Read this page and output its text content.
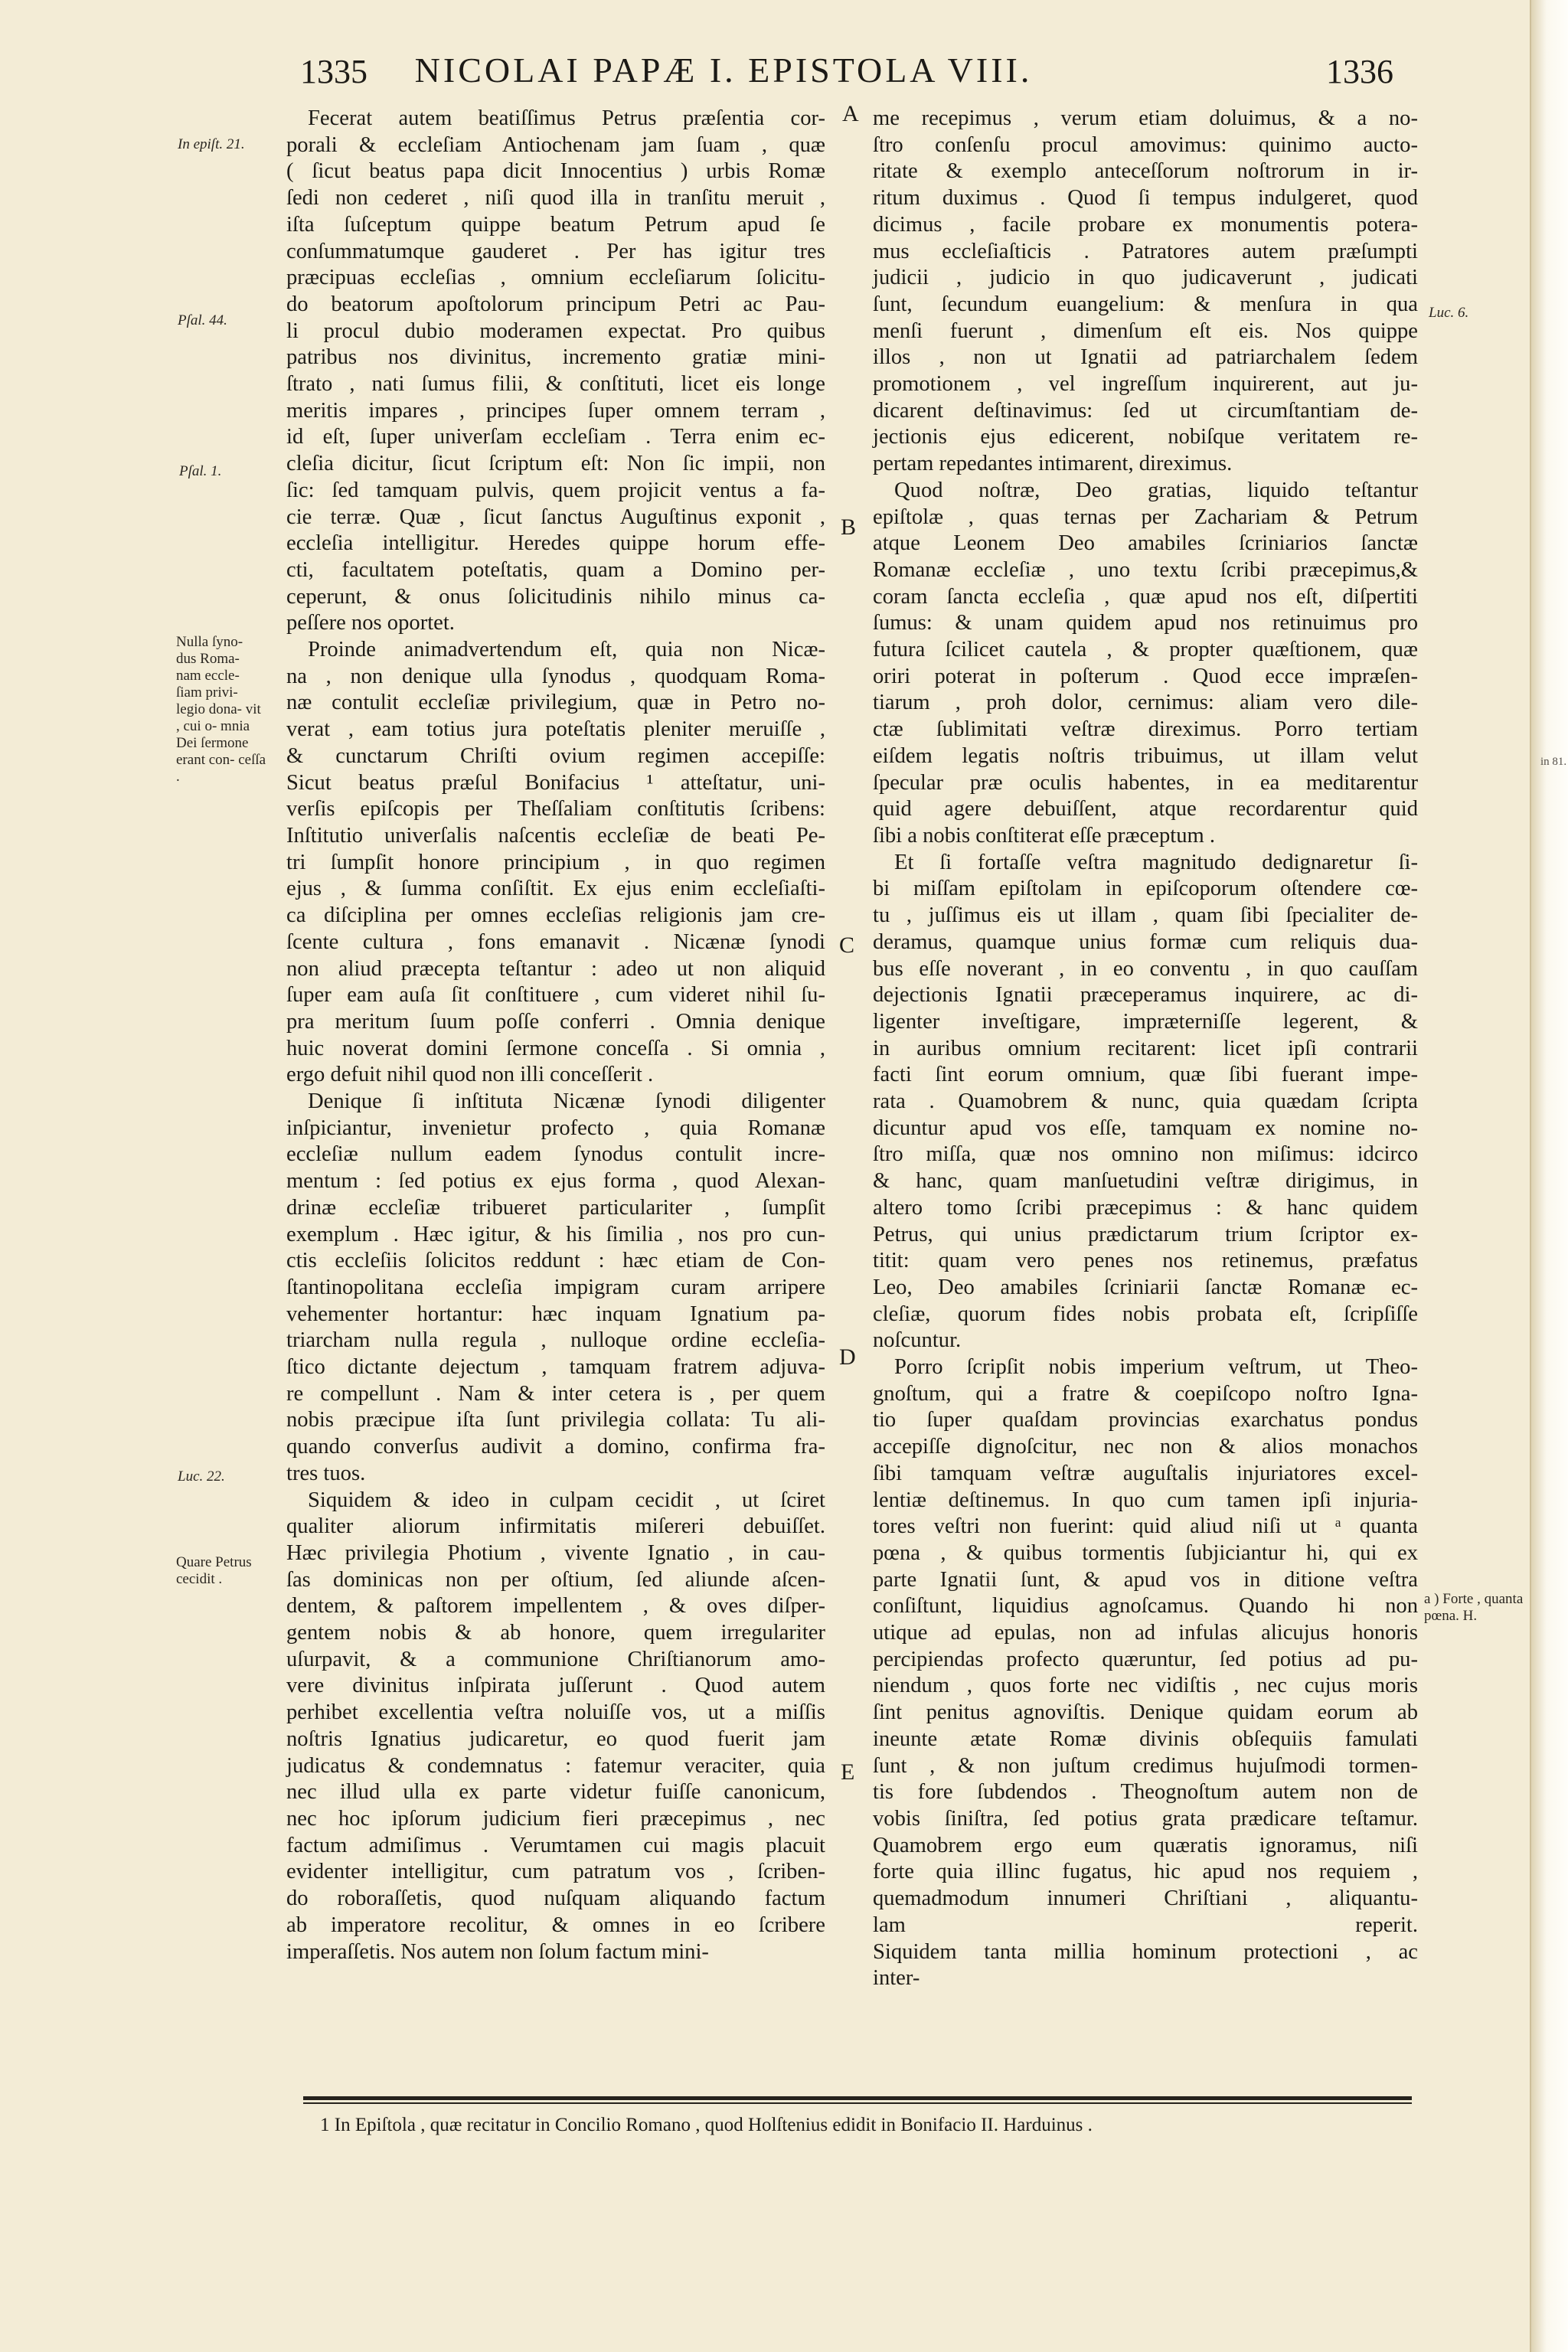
in 81.
1335	NICOLAI PAPÆ I. EPISTOLA VIII.	1336

Fecerat autem beatiſſimus Petrus præſentia cor-

porali & eccleſiam Antiochenam jam ſuam , quæ

( ſicut beatus papa dicit Innocentius ) urbis Romæ

ſedi non cederet , niſi quod illa in tranſitu meruit ,

iſta ſuſceptum quippe beatum Petrum apud ſe

conſummatumque gauderet . Per has igitur tres

præcipuas eccleſias , omnium eccleſiarum ſolicitu-

do beatorum apoſtolorum principum Petri ac Pau-

li procul dubio moderamen expectat. Pro quibus

patribus nos divinitus, incremento gratiæ mini-

ſtrato , nati ſumus filii, & conſtituti, licet eis longe

meritis impares , principes ſuper omnem terram ,

id eſt, ſuper univerſam eccleſiam . Terra enim ec-

cleſia dicitur, ſicut ſcriptum eſt: Non ſic impii, non

ſic: ſed tamquam pulvis, quem projicit ventus a fa-

cie terræ. Quæ , ſicut ſanctus Auguſtinus exponit ,

eccleſia intelligitur. Heredes quippe horum effe-

cti, facultatem poteſtatis, quam a Domino per-

ceperunt, & onus ſolicitudinis nihilo minus ca-

peſſere nos oportet.

Proinde animadvertendum eſt, quia non Nicæ-

na , non denique ulla ſynodus , quodquam Roma-

næ contulit eccleſiæ privilegium, quæ in Petro no-

verat , eam totius jura poteſtatis pleniter meruiſſe ,

& cunctarum Chriſti ovium regimen accepiſſe:

Sicut beatus præſul Bonifacius ¹ atteſtatur, uni-

verſis epiſcopis per Theſſaliam conſtitutis ſcribens:

Inſtitutio univerſalis naſcentis eccleſiæ de beati Pe-

tri ſumpſit honore principium , in quo regimen

ejus , & ſumma conſiſtit. Ex ejus enim eccleſiaſti-

ca diſciplina per omnes eccleſias religionis jam cre-

ſcente cultura , fons emanavit . Nicænæ ſynodi

non aliud præcepta teſtantur : adeo ut non aliquid

ſuper eam auſa ſit conſtituere , cum videret nihil ſu-

pra meritum ſuum poſſe conferri . Omnia denique

huic noverat domini ſermone conceſſa . Si omnia ,

ergo defuit nihil quod non illi conceſſerit .

Denique ſi inſtituta Nicænæ ſynodi diligenter

inſpiciantur, invenietur profecto , quia Romanæ

eccleſiæ nullum eadem ſynodus contulit incre-

mentum : ſed potius ex ejus forma , quod Alexan-

drinæ eccleſiæ tribueret particulariter , ſumpſit

exemplum . Hæc igitur, & his ſimilia , nos pro cun-

ctis eccleſiis ſolicitos reddunt : hæc etiam de Con-

ſtantinopolitana eccleſia impigram curam arripere

vehementer hortantur: hæc inquam Ignatium pa-

triarcham nulla regula , nulloque ordine eccleſia-

ſtico dictante dejectum , tamquam fratrem adjuva-

re compellunt . Nam & inter cetera is , per quem

nobis præcipue iſta ſunt privilegia collata: Tu ali-

quando converſus audivit a domino, confirma fra-

tres tuos.

Siquidem & ideo in culpam cecidit , ut ſciret

qualiter aliorum infirmitatis miſereri debuiſſet.

Hæc privilegia Photium , vivente Ignatio , in cau-

ſas dominicas non per oſtium, ſed aliunde aſcen-

dentem, & paſtorem impellentem , & oves diſper-

gentem nobis & ab honore, quem irregulariter

uſurpavit, & a communione Chriſtianorum amo-

vere divinitus inſpirata juſſerunt . Quod autem

perhibet excellentia veſtra noluiſſe vos, ut a miſſis

noſtris Ignatius judicaretur, eo quod fuerit jam

judicatus & condemnatus : fatemur veraciter, quia

nec illud ulla ex parte videtur fuiſſe canonicum,

nec hoc ipſorum judicium fieri præcepimus , nec

factum admiſimus . Verumtamen cui magis placuit

evidenter intelligitur, cum patratum vos , ſcriben-

do roboraſſetis, quod nuſquam aliquando factum

ab imperatore recolitur, & omnes in eo ſcribere

imperaſſetis. Nos autem non ſolum factum mini-

me recepimus , verum etiam doluimus, & a no-

ſtro conſenſu procul amovimus: quinimo aucto-

ritate & exemplo anteceſſorum noſtrorum in ir-

ritum duximus . Quod ſi tempus indulgeret, quod

dicimus , facile probare ex monumentis potera-

mus eccleſiaſticis . Patratores autem præſumpti

judicii , judicio in quo judicaverunt , judicati

ſunt, ſecundum euangelium: & menſura in qua

menſi fuerunt , dimenſum eſt eis. Nos quippe

illos , non ut Ignatii ad patriarchalem ſedem

promotionem , vel ingreſſum inquirerent, aut ju-

dicarent deſtinavimus: ſed ut circumſtantiam de-

jectionis ejus edicerent, nobiſque veritatem re-

pertam repedantes intimarent, direximus.

Quod noſtræ, Deo gratias, liquido teſtantur

epiſtolæ , quas ternas per Zachariam & Petrum

atque Leonem Deo amabiles ſcriniarios ſanctæ

Romanæ eccleſiæ , uno textu ſcribi præcepimus,&

coram ſancta eccleſia , quæ apud nos eſt, diſpertiti

ſumus: & unam quidem apud nos retinuimus pro

futura ſcilicet cautela , & propter quæſtionem, quæ

oriri poterat in poſterum . Quod ecce impræſen-

tiarum , proh dolor, cernimus: aliam vero dile-

ctæ ſublimitati veſtræ direximus. Porro tertiam

eiſdem legatis noſtris tribuimus, ut illam velut

ſpecular præ oculis habentes, in ea meditarentur

quid agere debuiſſent, atque recordarentur quid

ſibi a nobis conſtiterat eſſe præceptum .

Et ſi fortaſſe veſtra magnitudo dedignaretur ſi-

bi miſſam epiſtolam in epiſcoporum oſtendere cœ-

tu , juſſimus eis ut illam , quam ſibi ſpecialiter de-

deramus, quamque unius formæ cum reliquis dua-

bus eſſe noverant , in eo conventu , in quo cauſſam

dejectionis Ignatii præceperamus inquirere, ac di-

ligenter inveſtigare, impræterniſſe legerent, &

in auribus omnium recitarent: licet ipſi contrarii

facti ſint eorum omnium, quæ ſibi fuerant impe-

rata . Quamobrem & nunc, quia quædam ſcripta

dicuntur apud vos eſſe, tamquam ex nomine no-

ſtro miſſa, quæ nos omnino non miſimus: idcirco

& hanc, quam manſuetudini veſtræ dirigimus, in

altero tomo ſcribi præcepimus : & hanc quidem

Petrus, qui unius prædictarum trium ſcriptor ex-

titit: quam vero penes nos retinemus, præfatus

Leo, Deo amabiles ſcriniarii ſanctæ Romanæ ec-

cleſiæ, quorum fides nobis probata eſt, ſcripſiſſe

noſcuntur.

Porro ſcripſit nobis imperium veſtrum, ut Theo-

gnoſtum, qui a fratre & coepiſcopo noſtro Igna-

tio ſuper quaſdam provincias exarchatus pondus

accepiſſe dignoſcitur, nec non & alios monachos

ſibi tamquam veſtræ auguſtalis injuriatores excel-

lentiæ deſtinemus. In quo cum tamen ipſi injuria-

tores veſtri non fuerint: quid aliud niſi ut ᵃ quanta

pœna , & quibus tormentis ſubjiciantur hi, qui ex

parte Ignatii ſunt, & apud vos in ditione veſtra

conſiſtunt, liquidius agnoſcamus. Quando hi non

utique ad epulas, non ad infulas alicujus honoris

percipiendas profecto quæruntur, ſed potius ad pu-

niendum , quos forte nec vidiſtis , nec cujus moris

ſint penitus agnoviſtis. Denique quidam eorum ab

ineunte ætate Romæ divinis obſequiis famulati

ſunt , & non juſtum credimus hujuſmodi tormen-

tis fore ſubdendos . Theognoſtum autem non de

vobis ſiniſtra, ſed potius grata prædicare teſtamur.

Quamobrem ergo eum quæratis ignoramus, niſi

forte quia illinc fugatus, hic apud nos requiem ,

quemadmodum innumeri Chriſtiani , aliquantu-

lam reperit.

Siquidem tanta millia hominum protectioni , ac

inter-

A
B
C
D
E
In epiſt. 21.
Pſal. 44.
Pſal. 1.
Nulla ſyno- dus Roma- nam eccle- ſiam privi- legio dona- vit , cui o- mnia Dei ſermone erant con- ceſſa .
Luc. 22.
Quare Petrus cecidit .
Luc. 6.
a ) Forte , quanta pœna. H.
1 In Epiſtola , quæ recitatur in Concilio Romano , quod Holſtenius edidit in Bonifacio II. Harduinus .
